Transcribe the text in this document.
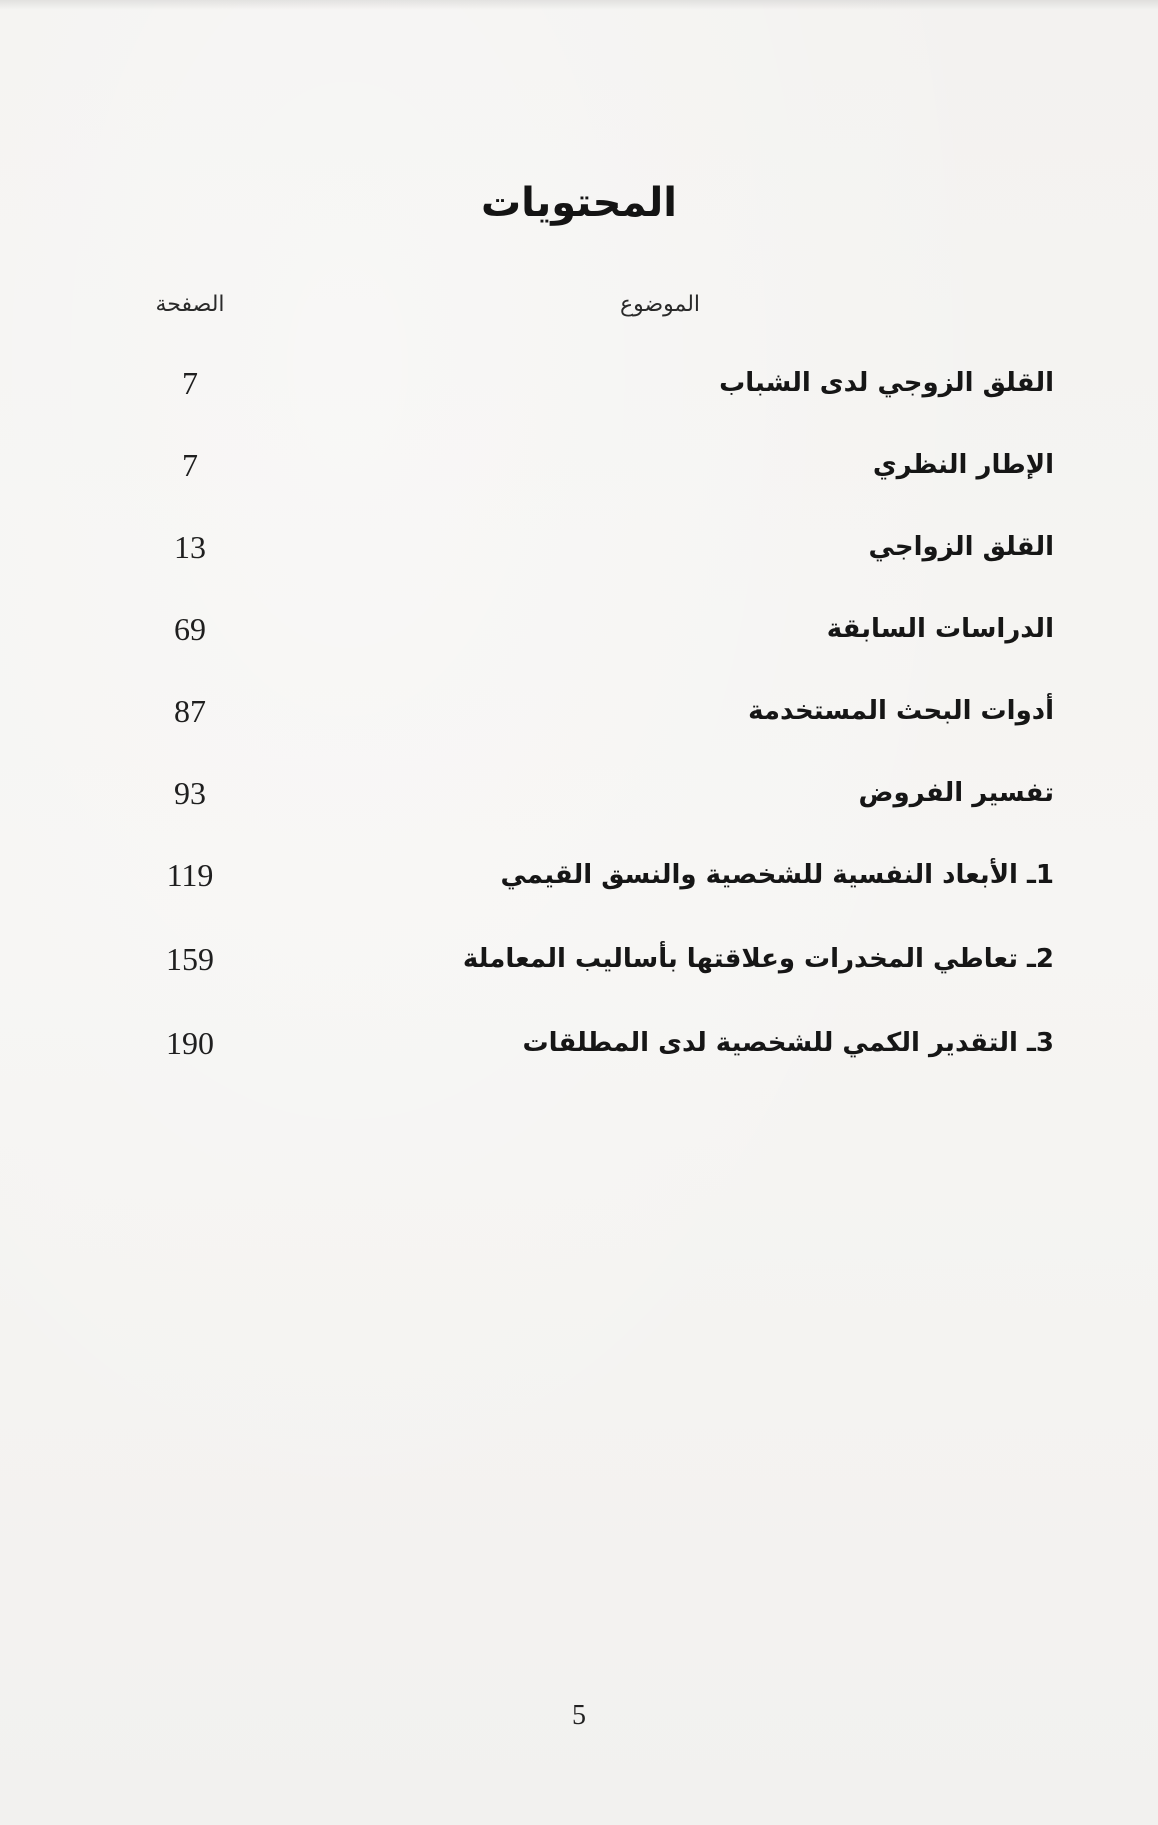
المحتويات
الموضوع
الصفحة
القلق الزوجي لدى الشباب
7
الإطار النظري
7
القلق الزواجي
13
الدراسات السابقة
69
أدوات البحث المستخدمة
87
تفسير الفروض
93
1ـ الأبعاد النفسية للشخصية والنسق القيمي
119
2ـ تعاطي المخدرات وعلاقتها بأساليب المعاملة
159
3ـ التقدير الكمي للشخصية لدى المطلقات
190
5
